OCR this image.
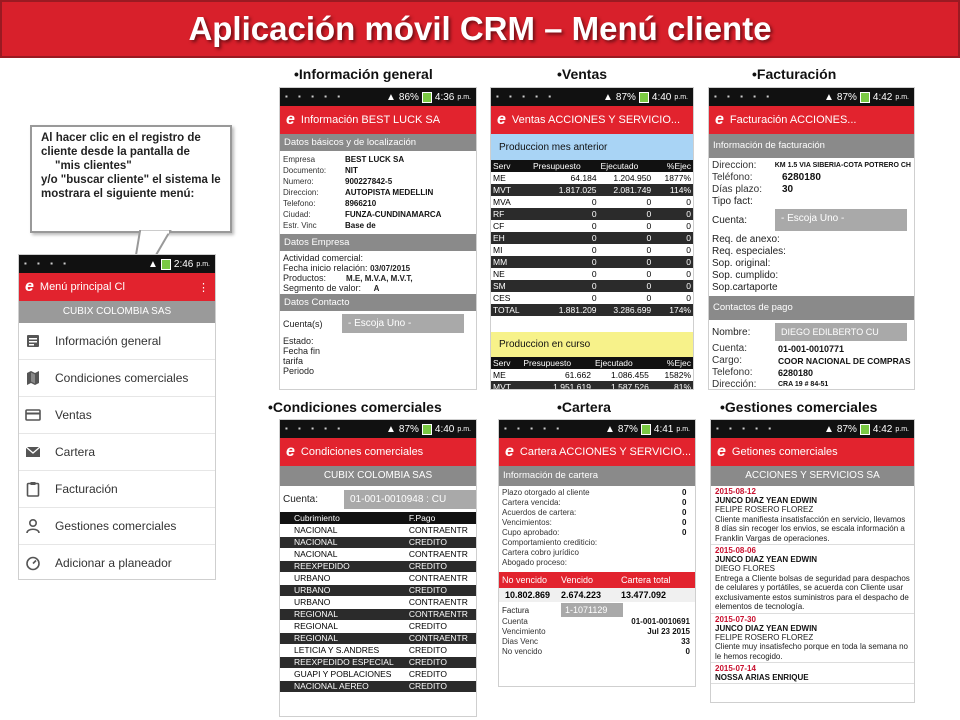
Aplicación móvil CRM – Menú cliente
•Información general	•Ventas	•Facturación
•Condiciones comerciales	•Cartera	•Gestiones comerciales
Al hacer clic en el registro de cliente desde la pantalla de
"mis clientes"
y/o "buscar cliente" el sistema le mostrara el siguiente menú:
▪ ▪ ▪ ▪	▲ 2:46 p.m.
e Menú principal Cl	⋮
CUBIX COLOMBIA SAS
Información general
Condiciones comerciales
Ventas
Cartera
Facturación
Gestiones comerciales
Adicionar a planeador
▪ ▪ ▪ ▪ ▪	▲ 86% 4:36 p.m.
e Información BEST LUCK SA
Datos básicos y de localización
Empresa	BEST LUCK SA
Documento:	NIT
Numero:	900227842-5
Direccion:	AUTOPISTA MEDELLIN
Telefono:	8966210
Ciudad:	FUNZA-CUNDINAMARCA
Estr. Vinc	Base de
Datos Empresa
Actividad comercial:
Fecha inicio relación: 03/07/2015
Productos:	M.E, M.V.A, M.V.T,
Segmento de valor: A
Datos Contacto
Cuenta(s)	- Escoja Uno -
Estado:
Fecha fin
tarifa
Periodo
▪ ▪ ▪ ▪ ▪	▲ 87% 4:40 p.m.
e Ventas ACCIONES Y SERVICIO...
Produccion mes anterior
Serv	Presupuesto	Ejecutado	%Ejec
ME	64.184	1.204.950	1877%
MVT	1.817.025	2.081.749	114%
MVA	0	0	0
RF	0	0	0
CF	0	0	0
EH	0	0	0
MI	0	0	0
MM	0	0	0
NE	0	0	0
SM	0	0	0
CES	0	0	0
TOTAL	1.881.209	3.286.699	174%
Produccion en curso
Serv	Presupuesto	Ejecutado	%Ejec
ME	61.662	1.086.455	1582%
MVT	1.951.619	1.587.526	81%
▪ ▪ ▪ ▪ ▪	▲ 87% 4:42 p.m.
e Facturación ACCIONES...
Información de facturación
Direccion:	KM 1.5 VIA SIBERIA-COTA POTRERO CH
Teléfono:	6280180
Días plazo:	30
Tipo fact:
Cuenta:	- Escoja Uno -
Req. de anexo:
Req. especiales:
Sop. original:
Sop. cumplido:
Sop.cartaporte
Contactos de pago
Nombre:	DIEGO EDILBERTO CU
Cuenta:	01-001-0010771
Cargo:	COOR NACIONAL DE COMPRAS
Telefono:	6280180
Dirección:	CRA 19 # 84-51
▪ ▪ ▪ ▪ ▪	▲ 87% 4:40 p.m.
e Condiciones comerciales
CUBIX COLOMBIA SAS
Cuenta:	01-001-0010948 : CU
Cubrimiento	F.Pago
NACIONAL	CONTRAENTR
NACIONAL	CREDITO
NACIONAL	CONTRAENTR
REEXPEDIDO	CREDITO
URBANO	CONTRAENTR
URBANO	CREDITO
URBANO	CONTRAENTR
REGIONAL	CONTRAENTR
REGIONAL	CREDITO
REGIONAL	CONTRAENTR
LETICIA Y S.ANDRES	CREDITO
REEXPEDIDO ESPECIAL	CREDITO
GUAPI Y POBLACIONES	CREDITO
NACIONAL AEREO	CREDITO
▪ ▪ ▪ ▪ ▪	▲ 87% 4:41 p.m.
e Cartera ACCIONES Y SERVICIO...
Información de cartera
Plazo otorgado al cliente	0
Cartera vencida:	0
Acuerdos de cartera:	0
Vencimientos:	0
Cupo aprobado:	0
Comportamiento crediticio:
Cartera cobro jurídico
Abogado proceso:
No vencido	Vencido	Cartera total
10.802.869	2.674.223	13.477.092
Factura	1-1071129
Cuenta	01-001-0010691
Vencimiento	Jul 23 2015
Dias Venc	33
No vencido	0
▪ ▪ ▪ ▪ ▪	▲ 87% 4:42 p.m.
e Getiones comerciales
ACCIONES Y SERVICIOS SA
2015-08-12
JUNCO DIAZ YEAN EDWIN
FELIPE ROSERO FLOREZ
Cliente manifiesta insatisfacción en servicio, llevamos 8 días sin recoger los envios, se escala información a Franklin Vargas de operaciones.
2015-08-06
JUNCO DIAZ YEAN EDWIN
DIEGO FLORES
Entrega a Cliente bolsas de seguridad para despachos de celulares y portátiles, se acuerda con Cliente usar exclusivamente estos suministros para el despacho de elementos de tecnología.
2015-07-30
JUNCO DIAZ YEAN EDWIN
FELIPE ROSERO FLOREZ
Cliente muy insatisfecho porque en toda la semana no le hemos recogido.
2015-07-14
NOSSA ARIAS ENRIQUE
